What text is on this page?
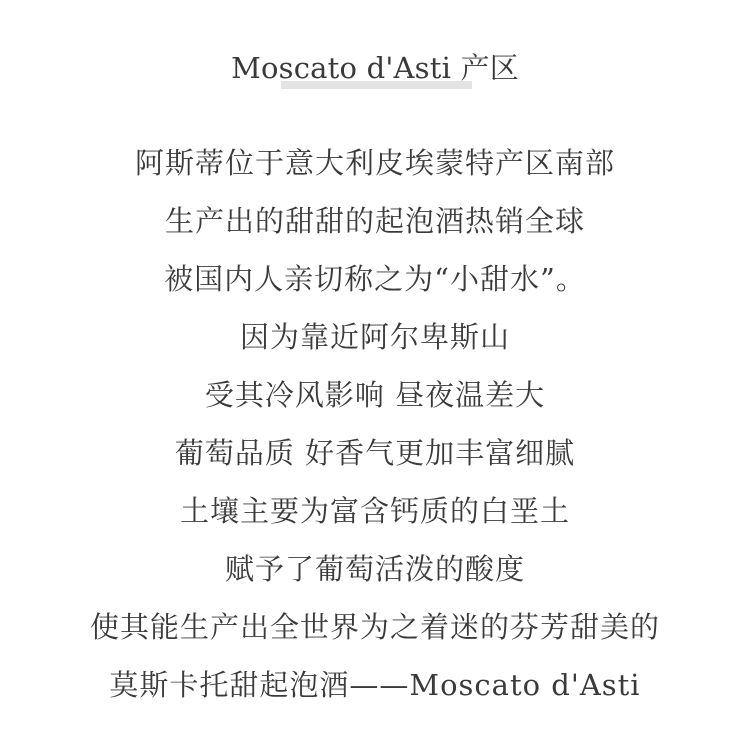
Moscato d'Asti 产区
阿斯蒂位于意大利皮埃蒙特产区南部
生产出的甜甜的起泡酒热销全球
被国内人亲切称之为“小甜水”。
因为靠近阿尔卑斯山
受其冷风影响 昼夜温差大
葡萄品质 好香气更加丰富细腻
土壤主要为富含钙质的白垩土
赋予了葡萄活泼的酸度
使其能生产出全世界为之着迷的芬芳甜美的
莫斯卡托甜起泡酒——Moscato d'Asti
